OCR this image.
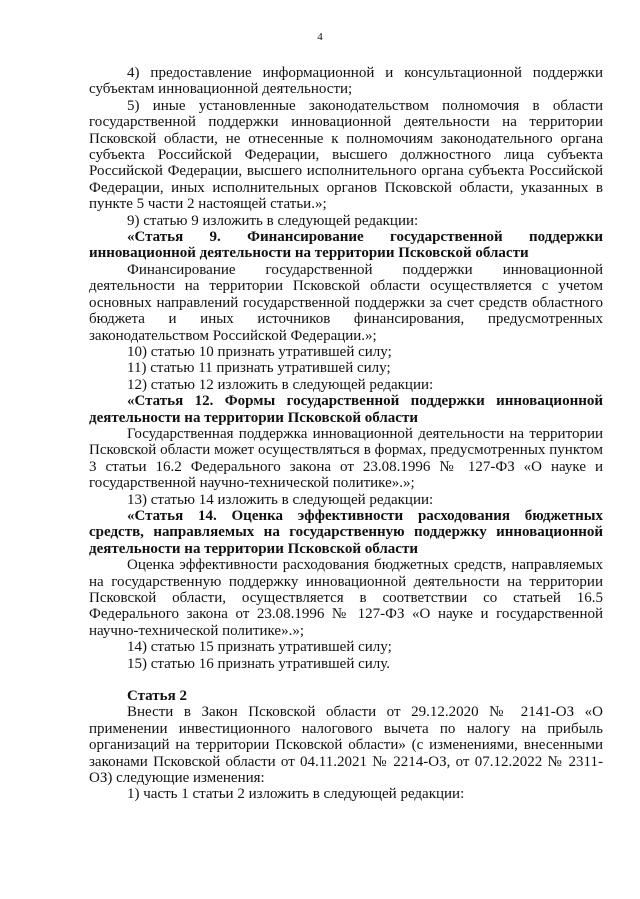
4

4) предоставление информационной и консультационной поддержки субъектам инновационной деятельности;

5) иные установленные законодательством полномочия в области государственной поддержки инновационной деятельности на территории Псковской области, не отнесенные к полномочиям законодательного органа субъекта Российской Федерации, высшего должностного лица субъекта Российской Федерации, высшего исполнительного органа субъекта Российской Федерации, иных исполнительных органов Псковской области, указанных в пункте 5 части 2 настоящей статьи.»;

9) статью 9 изложить в следующей редакции:

«Статья 9. Финансирование государственной поддержки инновационной деятельности на территории Псковской области

Финансирование государственной поддержки инновационной деятельности на территории Псковской области осуществляется с учетом основных направлений государственной поддержки за счет средств областного бюджета и иных источников финансирования, предусмотренных законодательством Российской Федерации.»;

10) статью 10 признать утратившей силу;

11) статью 11 признать утратившей силу;

12) статью 12 изложить в следующей редакции:

«Статья 12. Формы государственной поддержки инновационной деятельности на территории Псковской области

Государственная поддержка инновационной деятельности на территории Псковской области может осуществляться в формах, предусмотренных пунктом 3 статьи 16.2 Федерального закона от 23.08.1996 № 127-ФЗ «О науке и государственной научно-технической политике».»;

13) статью 14 изложить в следующей редакции:

«Статья 14. Оценка эффективности расходования бюджетных средств, направляемых на государственную поддержку инновационной деятельности на территории Псковской области

Оценка эффективности расходования бюджетных средств, направляемых на государственную поддержку инновационной деятельности на территории Псковской области, осуществляется в соответствии со статьей 16.5 Федерального закона от 23.08.1996 № 127-ФЗ «О науке и государственной научно-технической политике».»;

14) статью 15 признать утратившей силу;

15) статью 16 признать утратившей силу.

Статья 2

Внести в Закон Псковской области от 29.12.2020 № 2141-ОЗ «О применении инвестиционного налогового вычета по налогу на прибыль организаций на территории Псковской области» (с изменениями, внесенными законами Псковской области от 04.11.2021 № 2214-ОЗ, от 07.12.2022 № 2311-ОЗ) следующие изменения:

1) часть 1 статьи 2 изложить в следующей редакции:
